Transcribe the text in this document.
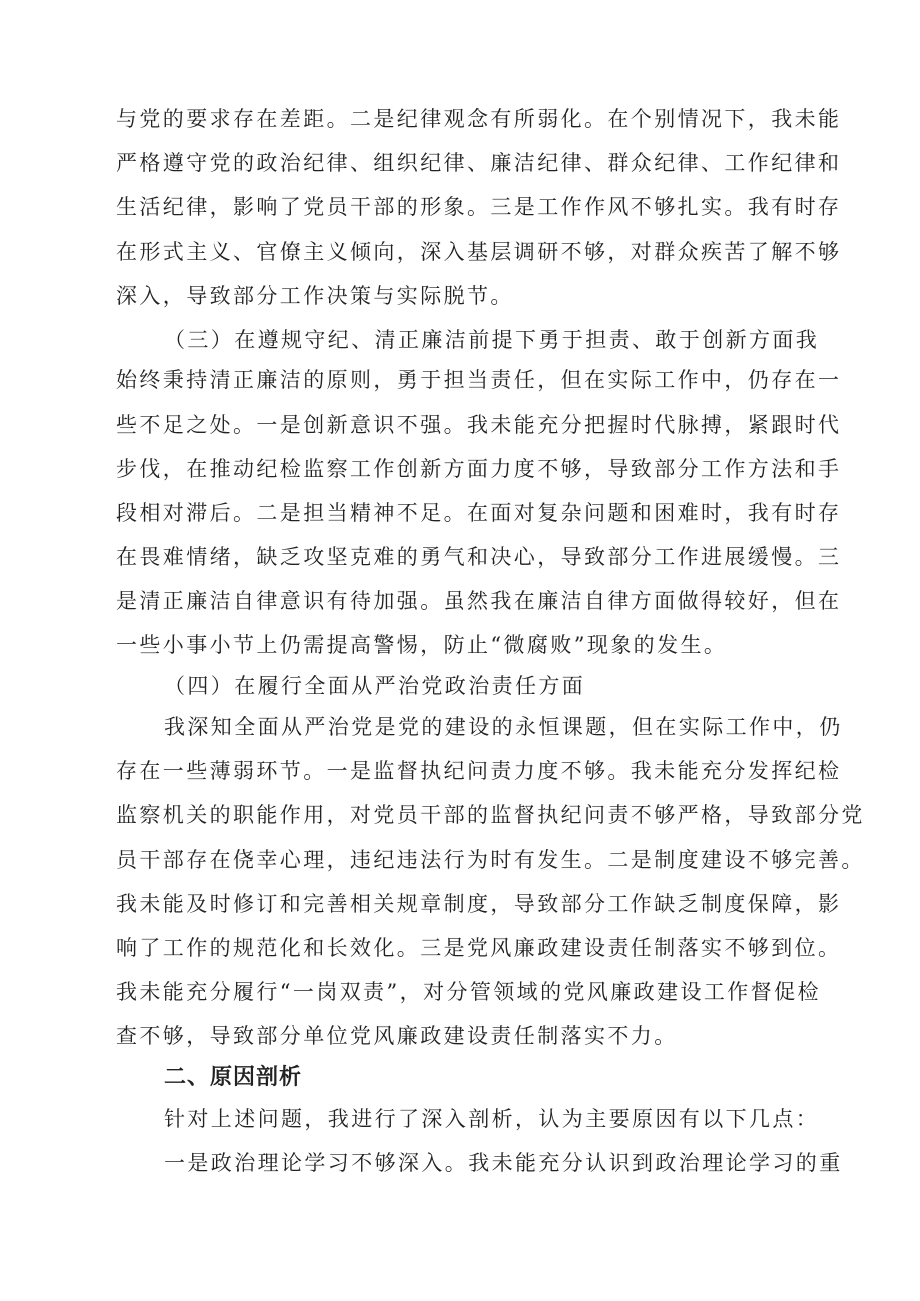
与党的要求存在差距。二是纪律观念有所弱化。在个别情况下，我未能
严格遵守党的政治纪律、组织纪律、廉洁纪律、群众纪律、工作纪律和
生活纪律，影响了党员干部的形象。三是工作作风不够扎实。我有时存
在形式主义、官僚主义倾向，深入基层调研不够，对群众疾苦了解不够
深入，导致部分工作决策与实际脱节。
（三）在遵规守纪、清正廉洁前提下勇于担责、敢于创新方面我
始终秉持清正廉洁的原则，勇于担当责任，但在实际工作中，仍存在一
些不足之处。一是创新意识不强。我未能充分把握时代脉搏，紧跟时代
步伐，在推动纪检监察工作创新方面力度不够，导致部分工作方法和手
段相对滞后。二是担当精神不足。在面对复杂问题和困难时，我有时存
在畏难情绪，缺乏攻坚克难的勇气和决心，导致部分工作进展缓慢。三
是清正廉洁自律意识有待加强。虽然我在廉洁自律方面做得较好，但在
一些小事小节上仍需提高警惕，防止“微腐败”现象的发生。
（四）在履行全面从严治党政治责任方面
我深知全面从严治党是党的建设的永恒课题，但在实际工作中，仍
存在一些薄弱环节。一是监督执纪问责力度不够。我未能充分发挥纪检
监察机关的职能作用，对党员干部的监督执纪问责不够严格，导致部分党
员干部存在侥幸心理，违纪违法行为时有发生。二是制度建设不够完善。
我未能及时修订和完善相关规章制度，导致部分工作缺乏制度保障，影
响了工作的规范化和长效化。三是党风廉政建设责任制落实不够到位。
我未能充分履行“一岗双责”，对分管领域的党风廉政建设工作督促检
查不够，导致部分单位党风廉政建设责任制落实不力。
二、原因剖析
针对上述问题，我进行了深入剖析，认为主要原因有以下几点：
一是政治理论学习不够深入。我未能充分认识到政治理论学习的重
